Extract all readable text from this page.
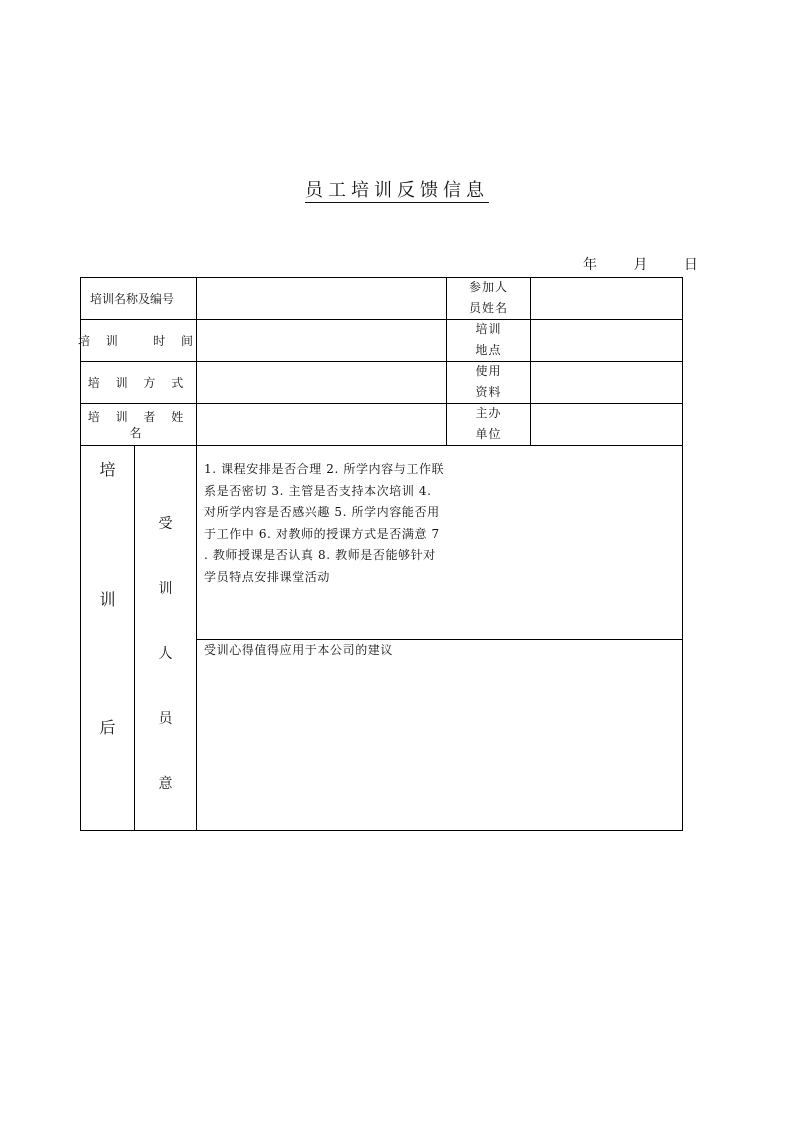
员工培训反馈信息
年	月	日
培训名称及编号
参加人
员姓名
培 训   时 间
培训
地点
培 训 方 式
使用
资料
培 训 者 姓 名
主办
单位
培
训
后
受
训
人
员
意
1. 课程安排是否合理 2. 所学内容与工作联
系是否密切 3. 主管是否支持本次培训 4.
对所学内容是否感兴趣 5. 所学内容能否用
于工作中 6. 对教师的授课方式是否满意 7
. 教师授课是否认真 8. 教师是否能够针对
学员特点安排课堂活动
受训心得值得应用于本公司的建议
